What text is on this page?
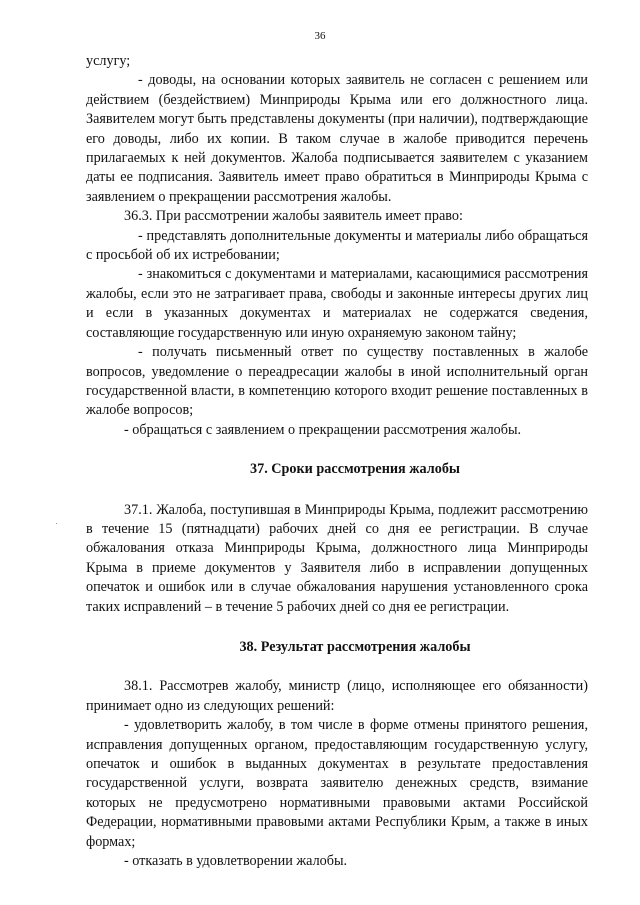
36

услугу;

- доводы, на основании которых заявитель не согласен с решением или действием (бездействием) Минприроды Крыма или его должностного лица. Заявителем могут быть представлены документы (при наличии), подтверждающие его доводы, либо их копии. В таком случае в жалобе приводится перечень прилагаемых к ней документов. Жалоба подписывается заявителем с указанием даты ее подписания. Заявитель имеет право обратиться в Минприроды Крыма с заявлением о прекращении рассмотрения жалобы.

36.3. При рассмотрении жалобы заявитель имеет право:

- представлять дополнительные документы и материалы либо обращаться с просьбой об их истребовании;

- знакомиться с документами и материалами, касающимися рассмотрения жалобы, если это не затрагивает права, свободы и законные интересы других лиц и если в указанных документах и материалах не содержатся сведения, составляющие государственную или иную охраняемую законом тайну;

- получать письменный ответ по существу поставленных в жалобе вопросов, уведомление о переадресации жалобы в иной исполнительный орган государственной власти, в компетенцию которого входит решение поставленных в жалобе вопросов;

- обращаться с заявлением о прекращении рассмотрения жалобы.

37. Сроки рассмотрения жалобы

37.1. Жалоба, поступившая в Минприроды Крыма, подлежит рассмотрению в течение 15 (пятнадцати) рабочих дней со дня ее регистрации. В случае обжалования отказа Минприроды Крыма, должностного лица Минприроды Крыма в приеме документов у Заявителя либо в исправлении допущенных опечаток и ошибок или в случае обжалования нарушения установленного срока таких исправлений – в течение 5 рабочих дней со дня ее регистрации.

38. Результат рассмотрения жалобы

38.1. Рассмотрев жалобу, министр (лицо, исполняющее его обязанности) принимает одно из следующих решений:

- удовлетворить жалобу, в том числе в форме отмены принятого решения, исправления допущенных органом, предоставляющим государственную услугу, опечаток и ошибок в выданных документах в результате предоставления государственной услуги, возврата заявителю денежных средств, взимание которых не предусмотрено нормативными правовыми актами Российской Федерации, нормативными правовыми актами Республики Крым, а также в иных формах;

- отказать в удовлетворении жалобы.
